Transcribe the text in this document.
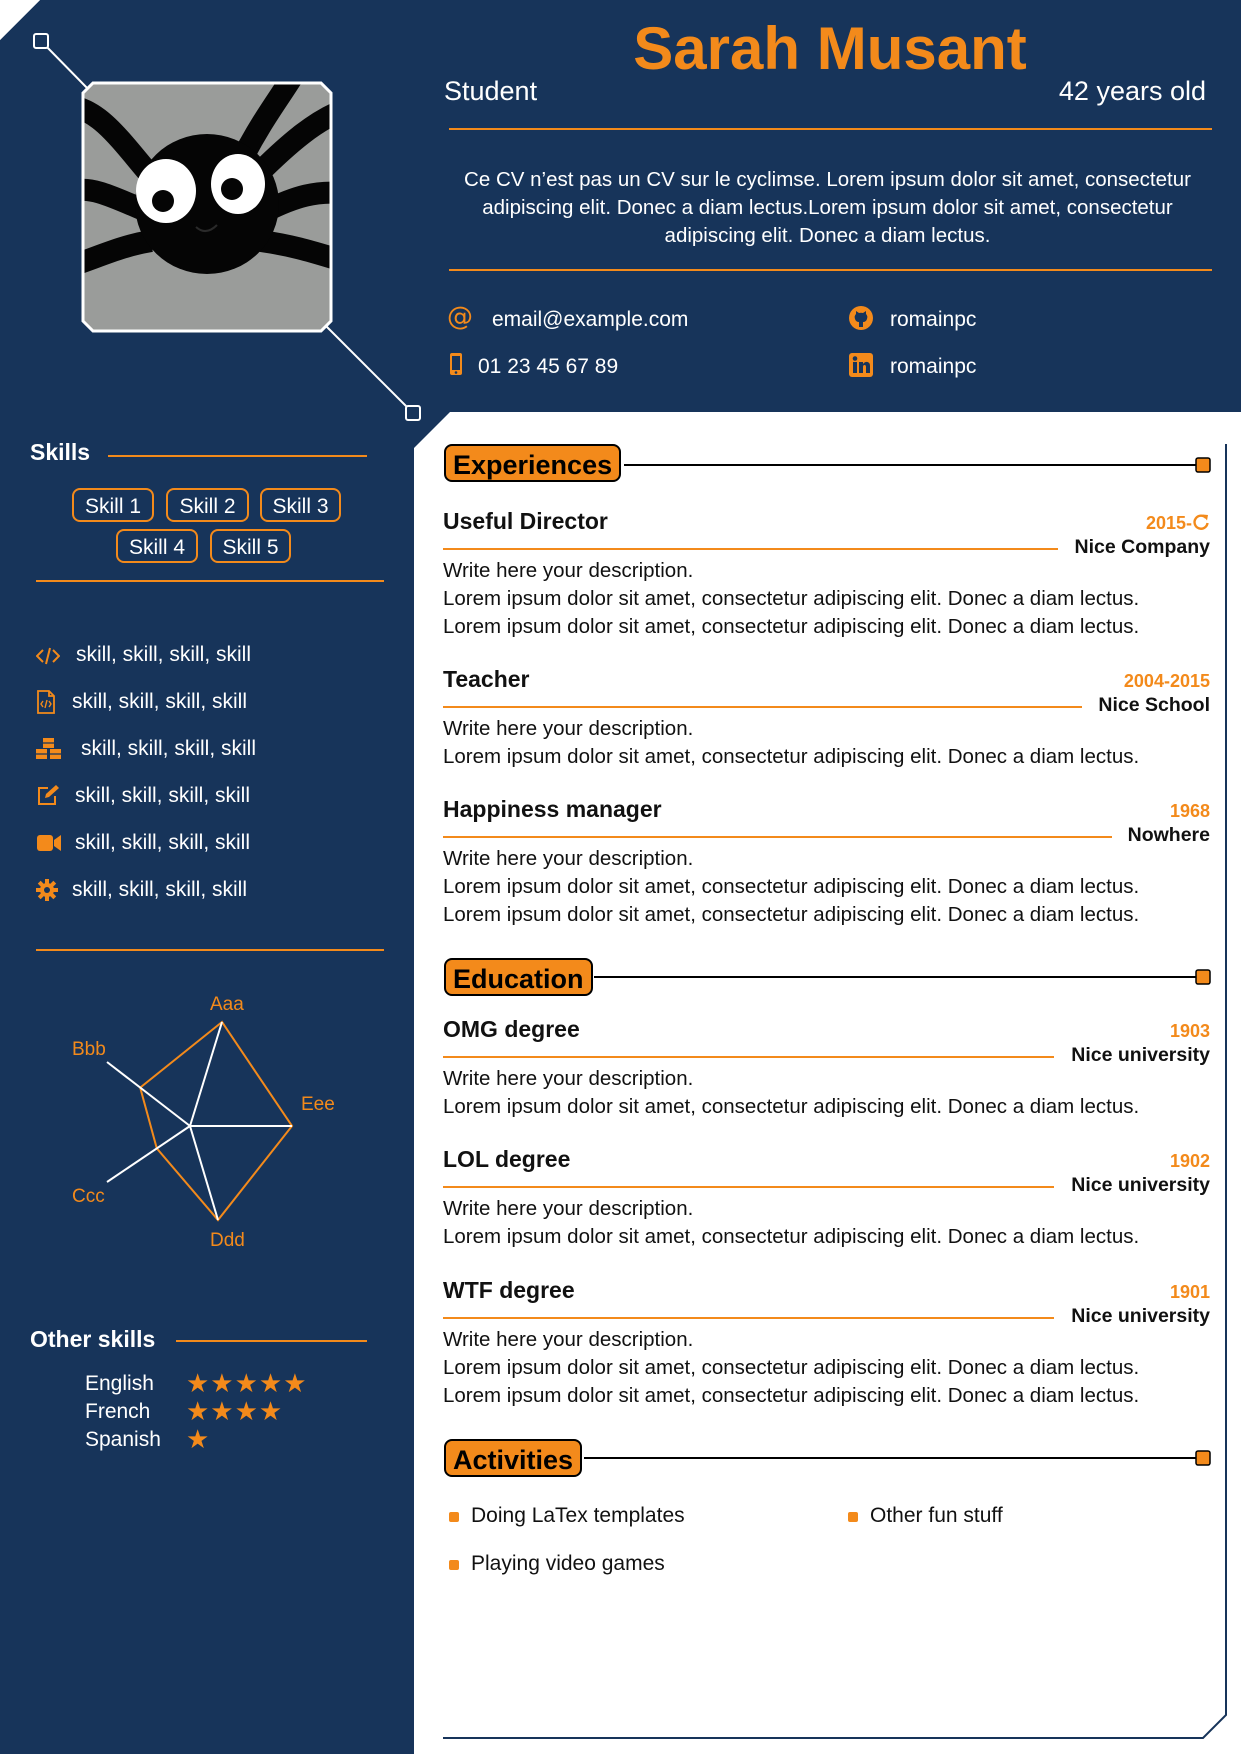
Sarah Musant
Student	42 years old
Ce CV n’est pas un CV sur le cyclimse. Lorem ipsum dolor sit amet, consectetur adipiscing elit. Donec a diam lectus.Lorem ipsum dolor sit amet, consectetur adipiscing elit. Donec a diam lectus.
@ email@example.com
01 23 45 67 89
romainpc
romainpc
Skills
Skill 1	Skill 2	Skill 3
Skill 4	Skill 5
skill, skill, skill, skill
skill, skill, skill, skill
skill, skill, skill, skill
skill, skill, skill, skill
skill, skill, skill, skill
skill, skill, skill, skill
Aaa
Bbb
Ccc
Ddd
Eee
Other skills
English ★★★★★
French ★★★★
Spanish ★
Experiences
Useful Director	2015-
Nice Company
Write here your description.
Lorem ipsum dolor sit amet, consectetur adipiscing elit. Donec a diam lectus.
Lorem ipsum dolor sit amet, consectetur adipiscing elit. Donec a diam lectus.
Teacher	2004-2015
Nice School
Write here your description.
Lorem ipsum dolor sit amet, consectetur adipiscing elit. Donec a diam lectus.
Happiness manager	1968
Nowhere
Write here your description.
Lorem ipsum dolor sit amet, consectetur adipiscing elit. Donec a diam lectus.
Lorem ipsum dolor sit amet, consectetur adipiscing elit. Donec a diam lectus.
Education
OMG degree	1903
Nice university
Write here your description.
Lorem ipsum dolor sit amet, consectetur adipiscing elit. Donec a diam lectus.
LOL degree	1902
Nice university
Write here your description.
Lorem ipsum dolor sit amet, consectetur adipiscing elit. Donec a diam lectus.
WTF degree	1901
Nice university
Write here your description.
Lorem ipsum dolor sit amet, consectetur adipiscing elit. Donec a diam lectus.
Lorem ipsum dolor sit amet, consectetur adipiscing elit. Donec a diam lectus.
Activities
Doing LaTex templates
Playing video games
Other fun stuff
